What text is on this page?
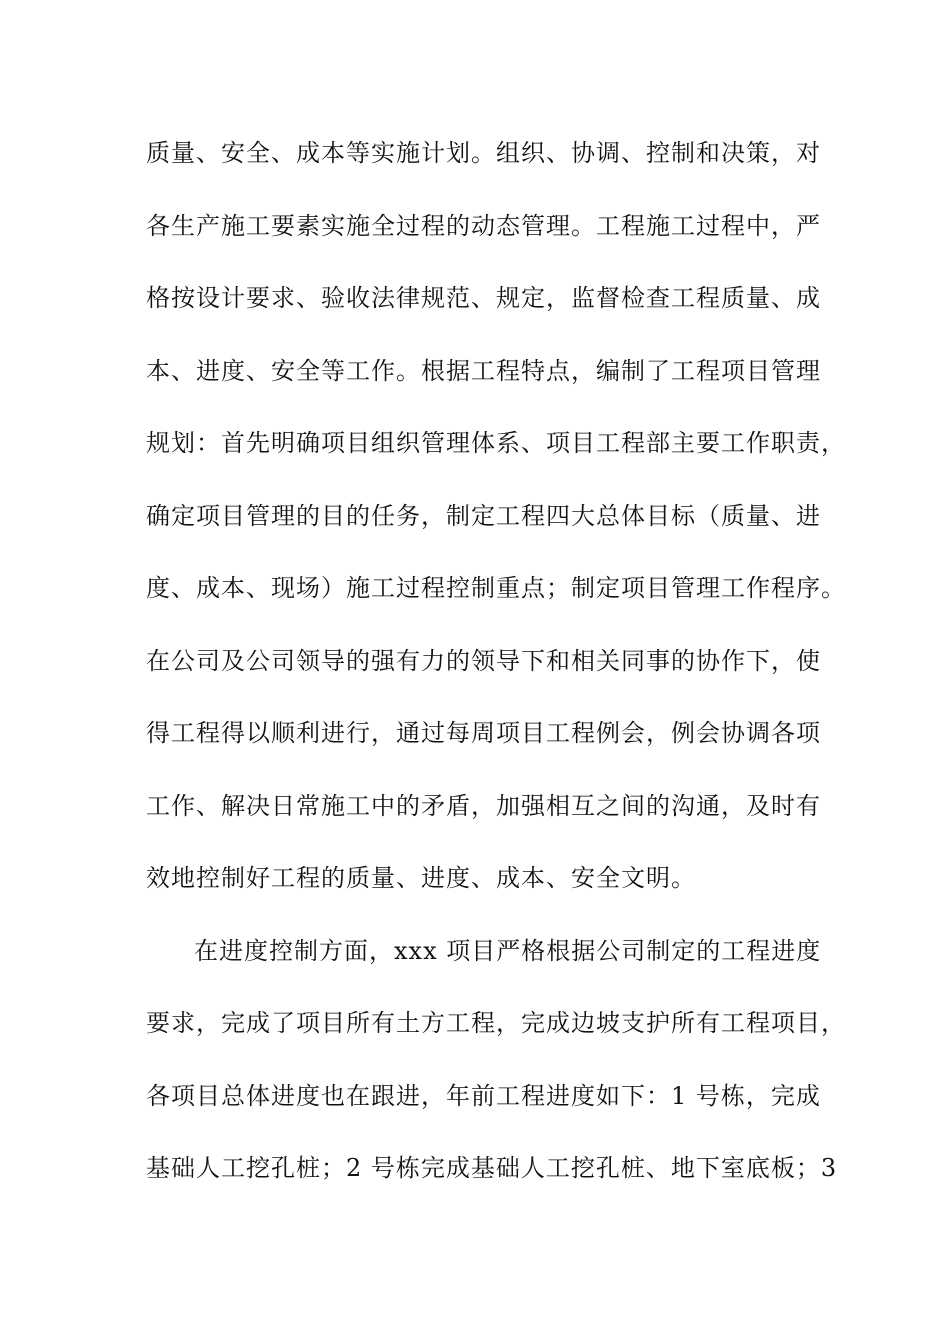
质量、安全、成本等实施计划。组织、协调、控制和决策，对
各生产施工要素实施全过程的动态管理。工程施工过程中，严
格按设计要求、验收法律规范、规定，监督检查工程质量、成
本、进度、安全等工作。根据工程特点，编制了工程项目管理
规划：首先明确项目组织管理体系、项目工程部主要工作职责，
确定项目管理的目的任务，制定工程四大总体目标（质量、进
度、成本、现场）施工过程控制重点；制定项目管理工作程序。
在公司及公司领导的强有力的领导下和相关同事的协作下，使
得工程得以顺利进行，通过每周项目工程例会，例会协调各项
工作、解决日常施工中的矛盾，加强相互之间的沟通，及时有
效地控制好工程的质量、进度、成本、安全文明。
在进度控制方面，xxx 项目严格根据公司制定的工程进度
要求，完成了项目所有土方工程，完成边坡支护所有工程项目，
各项目总体进度也在跟进，年前工程进度如下：1 号栋，完成
基础人工挖孔桩；2 号栋完成基础人工挖孔桩、地下室底板；3
